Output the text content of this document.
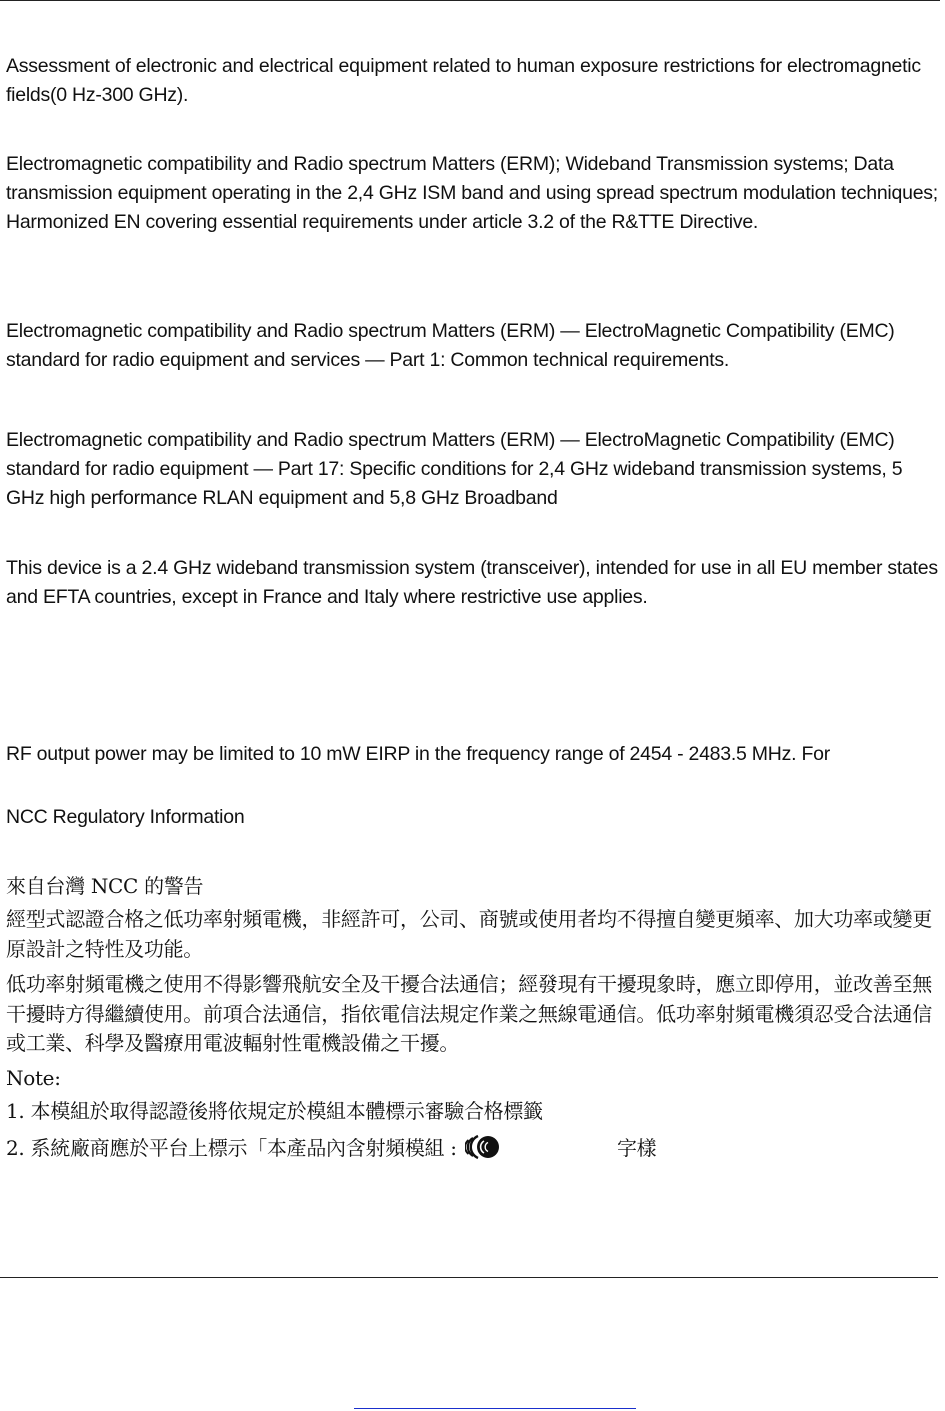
Assessment of electronic and electrical equipment related to human exposure restrictions for electromagnetic fields(0 Hz-300 GHz).

Electromagnetic compatibility and Radio spectrum Matters (ERM); Wideband Transmission systems; Data transmission equipment operating in the 2,4 GHz ISM band and using spread spectrum modulation techniques; Harmonized EN covering essential requirements under article 3.2 of the R&TTE Directive.

Electromagnetic compatibility and Radio spectrum Matters (ERM) — ElectroMagnetic Compatibility (EMC) standard for radio equipment and services — Part 1: Common technical requirements.

Electromagnetic compatibility and Radio spectrum Matters (ERM) — ElectroMagnetic Compatibility (EMC) standard for radio equipment — Part 17: Specific conditions for 2,4 GHz wideband transmission systems, 5 GHz high performance RLAN equipment and 5,8 GHz Broadband

This device is a 2.4 GHz wideband transmission system (transceiver), intended for use in all EU member states and EFTA countries, except in France and Italy where restrictive use applies.

RF output power may be limited to 10 mW EIRP in the frequency range of 2454 - 2483.5 MHz. For

NCC Regulatory Information

來自台灣 NCC 的警告

經型式認證合格之低功率射頻電機，非經許可，公司、商號或使用者均不得擅自變更頻率、加大功率或變更原設計之特性及功能。

低功率射頻電機之使用不得影響飛航安全及干擾合法通信；經發現有干擾現象時，應立即停用，並改善至無干擾時方得繼續使用。前項合法通信，指依電信法規定作業之無線電通信。低功率射頻電機須忍受合法通信或工業、科學及醫療用電波輻射性電機設備之干擾。

Note:

1. 本模組於取得認證後將依規定於模組本體標示審驗合格標籤

2. 系統廠商應於平台上標示「本產品內含射頻模組 :	字樣
